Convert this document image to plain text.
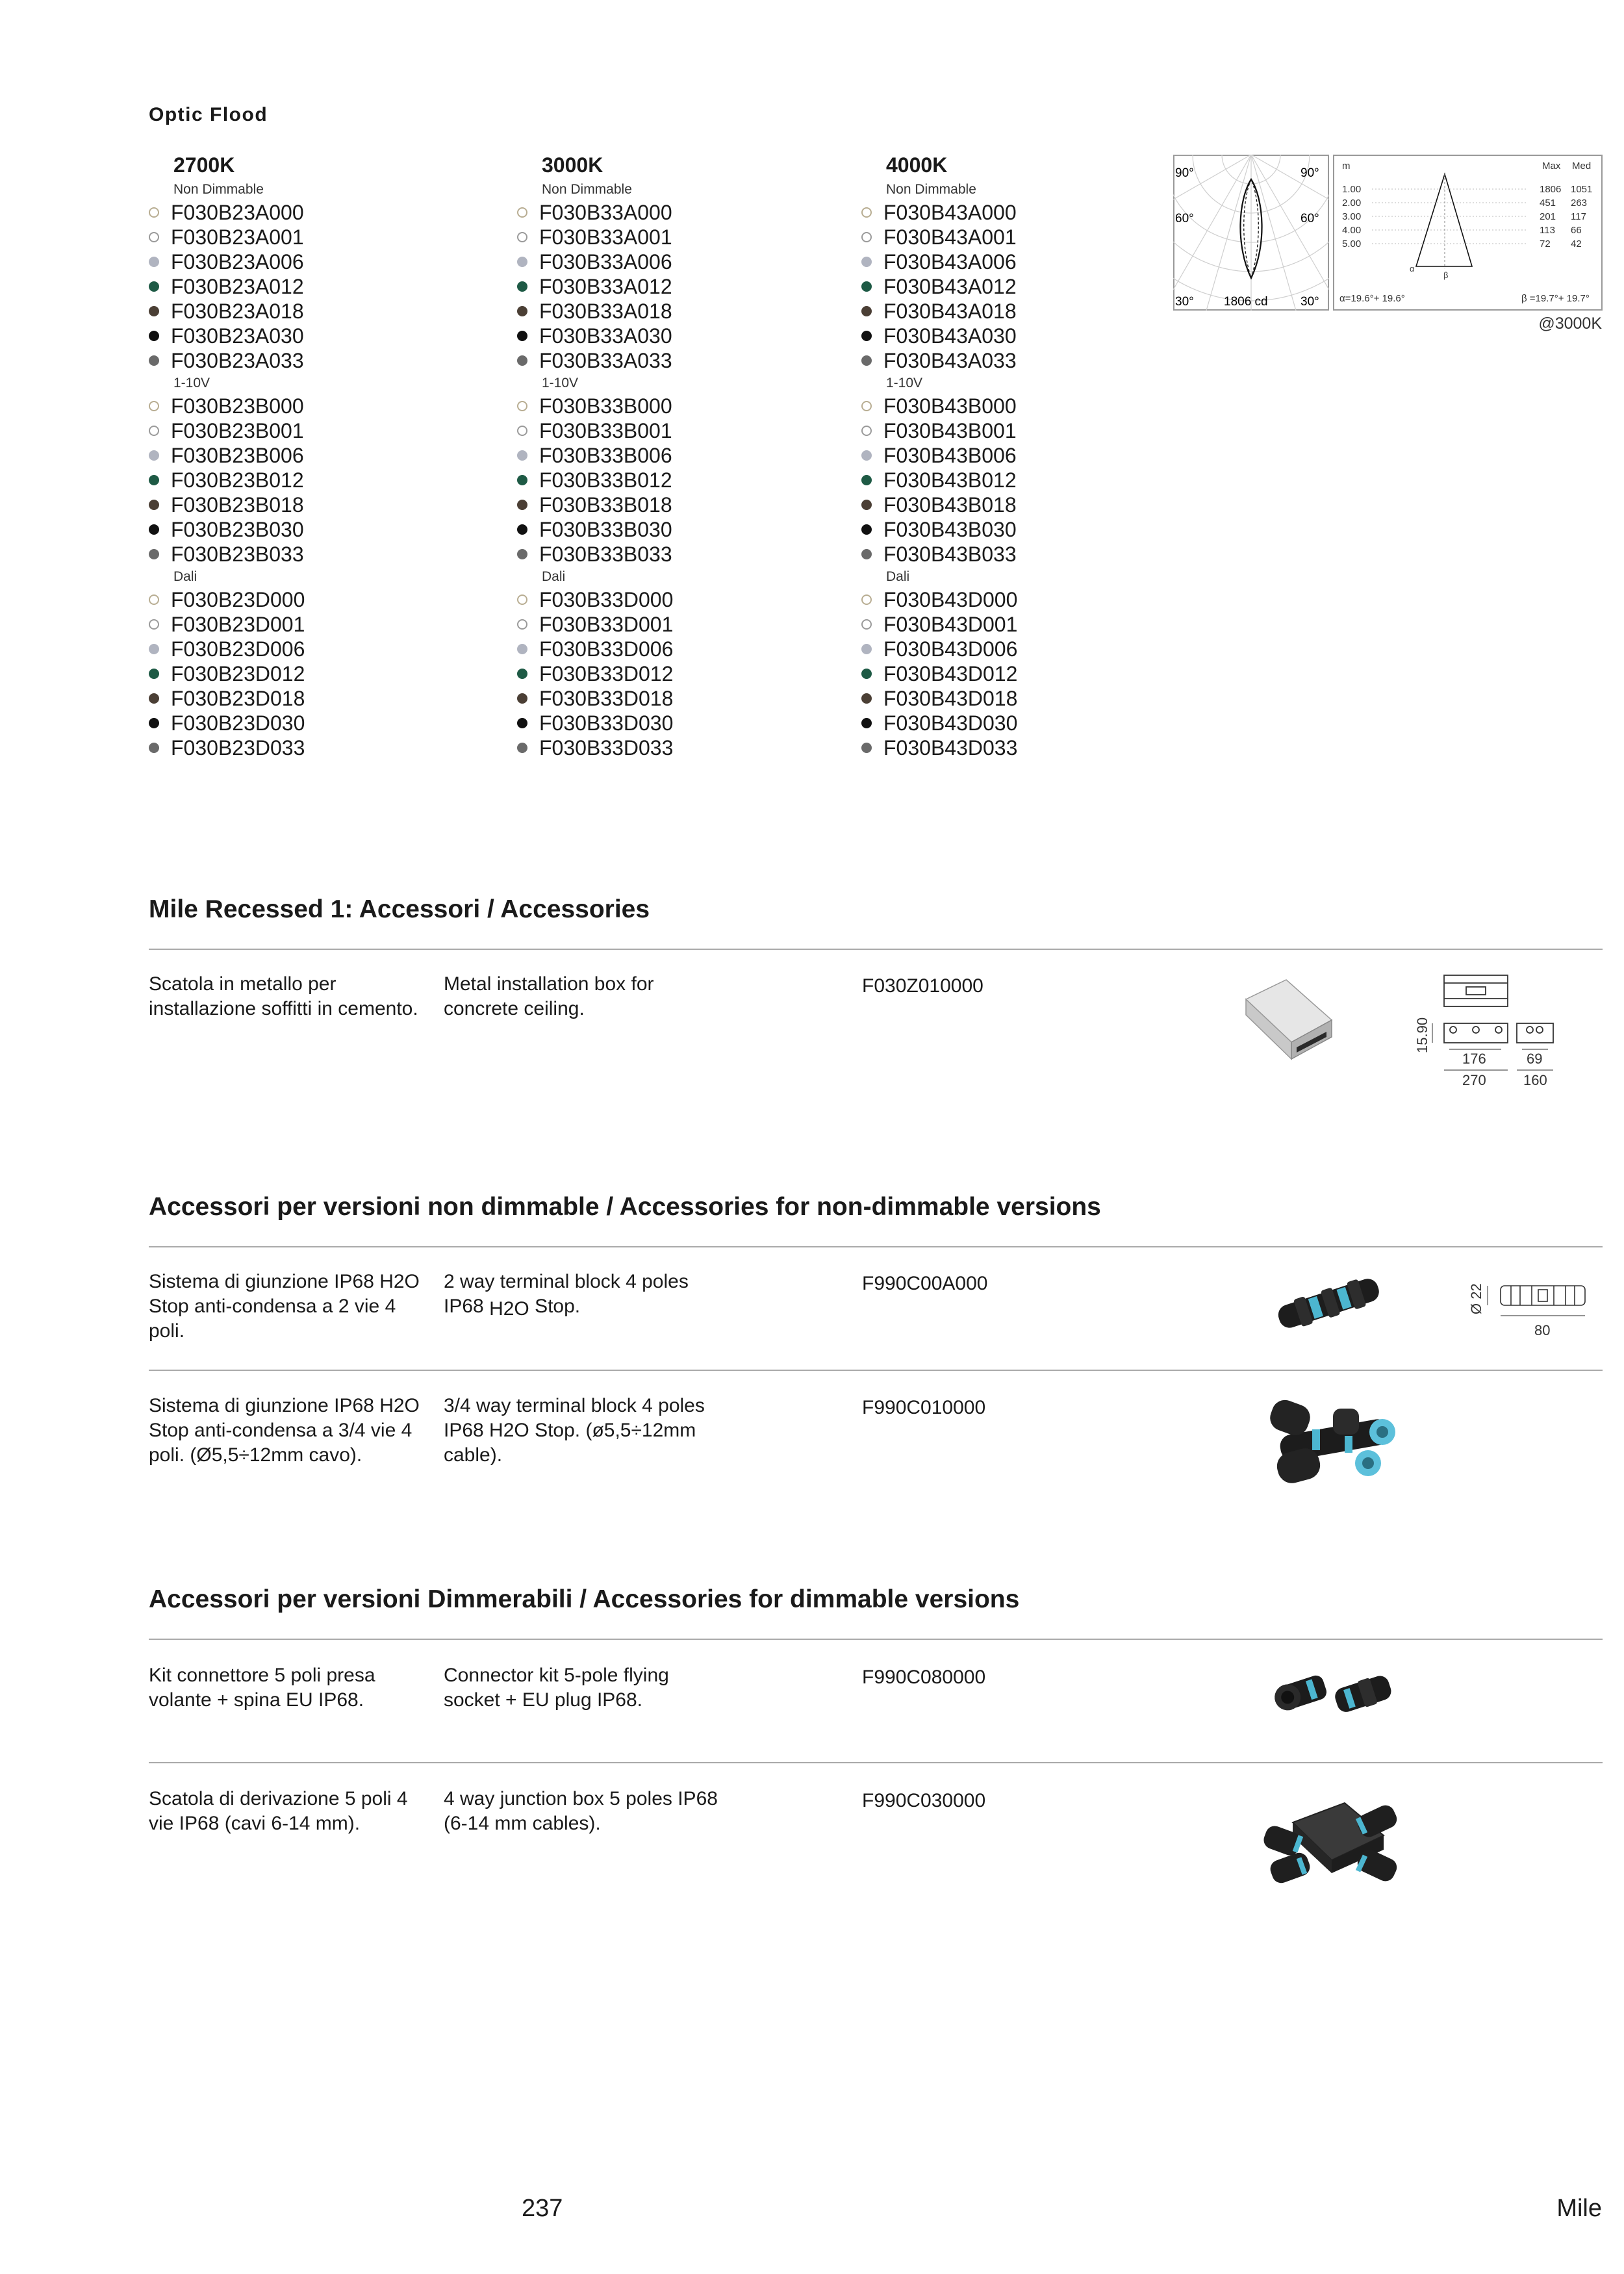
Optic Flood
2700K
Non Dimmable
F030B23A000
F030B23A001
F030B23A006
F030B23A012
F030B23A018
F030B23A030
F030B23A033
1-10V
F030B23B000
F030B23B001
F030B23B006
F030B23B012
F030B23B018
F030B23B030
F030B23B033
Dali
F030B23D000
F030B23D001
F030B23D006
F030B23D012
F030B23D018
F030B23D030
F030B23D033
3000K
Non Dimmable
F030B33A000
F030B33A001
F030B33A006
F030B33A012
F030B33A018
F030B33A030
F030B33A033
1-10V
F030B33B000
F030B33B001
F030B33B006
F030B33B012
F030B33B018
F030B33B030
F030B33B033
Dali
F030B33D000
F030B33D001
F030B33D006
F030B33D012
F030B33D018
F030B33D030
F030B33D033
4000K
Non Dimmable
F030B43A000
F030B43A001
F030B43A006
F030B43A012
F030B43A018
F030B43A030
F030B43A033
1-10V
F030B43B000
F030B43B001
F030B43B006
F030B43B012
F030B43B018
F030B43B030
F030B43B033
Dali
F030B43D000
F030B43D001
F030B43D006
F030B43D012
F030B43D018
F030B43D030
F030B43D033
90°	90°
60°	60°
30°	30°
1806 cd
m	Max Med
1.00	1806 1051
2.00	451 263
3.00	201 117
4.00	113 66
5.00	72 42
α
β
α=19.6°+ 19.6°	β =19.7°+ 19.7°
@3000K
Mile Recessed 1: Accessori / Accessories
Scatola in metallo per installazione soffitti in cemento.
Metal installation box for concrete ceiling.
F030Z010000
15.90
176	69
270	160
Accessori per versioni non dimmable / Accessories for non-dimmable versions
Sistema di giunzione IP68 H2O Stop anti-condensa a 2 vie 4 poli.
2 way terminal block 4 poles IP68 $_{H2O}$ Stop.
F990C00A000	Ø 22
80
Sistema di giunzione IP68 H2O Stop anti-condensa a 3/4 vie 4 poli. (Ø5,5÷12mm cavo).
3/4 way terminal block 4 poles IP68 H2O Stop. (ø5,5÷12mm cable).
F990C010000
Accessori per versioni Dimmerabili / Accessories for dimmable versions
Kit connettore 5 poli presa volante + spina EU IP68.
Connector kit 5-pole flying socket + EU plug IP68.
F990C080000
Scatola di derivazione 5 poli 4 vie IP68 (cavi 6-14 mm).
4 way junction box 5 poles IP68 (6-14 mm cables).
F990C030000
237	Mile
